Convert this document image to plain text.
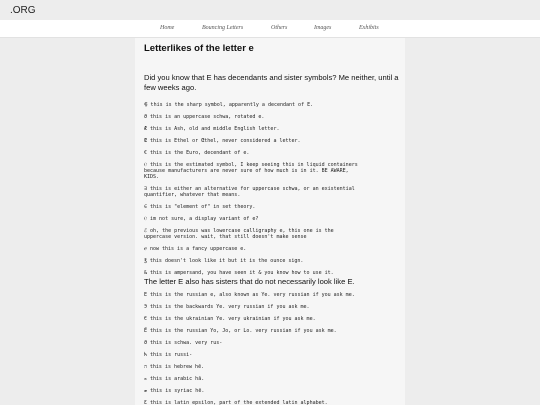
.ORG
Home	Bouncing Letters	Others	Images	Exhibits
Letterlikes of the letter e

Did you know that E has decendants and sister symbols? Me neither, until a few weeks ago.

⸿ this is the sharp symbol, apparently a decendant of E.

Ə this is an uppercase schwa, rotated e.

Æ this is Ash, old and middle English letter.

Œ this is Ethel or Œthel, never considered a letter.

€ this is the Euro, decendant of e.

℮ this is the estimated symbol, I keep seeing this in liquid containers
because manufacturers are never sure of how much is in it. BE AWARE,
KIDS.

∃ this is either an alternative for uppercase schwa, or an existential
quantifier, whatever that means.

∈ this is "element of" in set theory.

℮ im not sure, a display variant of e?

ℰ oh, the previous was lowercase calligraphy e, this one is the
uppercase version. wait, that still doesn't make sense

ℯ now this is a fancy uppercase e.

℥ this doesn't look like it but it is the ounce sign.

& this is ampersand, you have seen it & you know how to use it.

The letter E also has sisters that do not necessarily look like E.

Е this is the russian e, also known as Ye. very russian if you ask me.

Э this is the backwards Ye. very russian if you ask me.

Є this is the ukrainian Ye. very ukrainian if you ask me.

Ё this is the russian Yo, Jo, or Lo. very russian if you ask me.

Ә this is schwa. very rus-

ћ this is russi-

ה this is hebrew hē.

ه this is arabic hā.

ܗ this is syriac hē.

Ɛ this is latin epsilon, part of the extended latin alphabet.
